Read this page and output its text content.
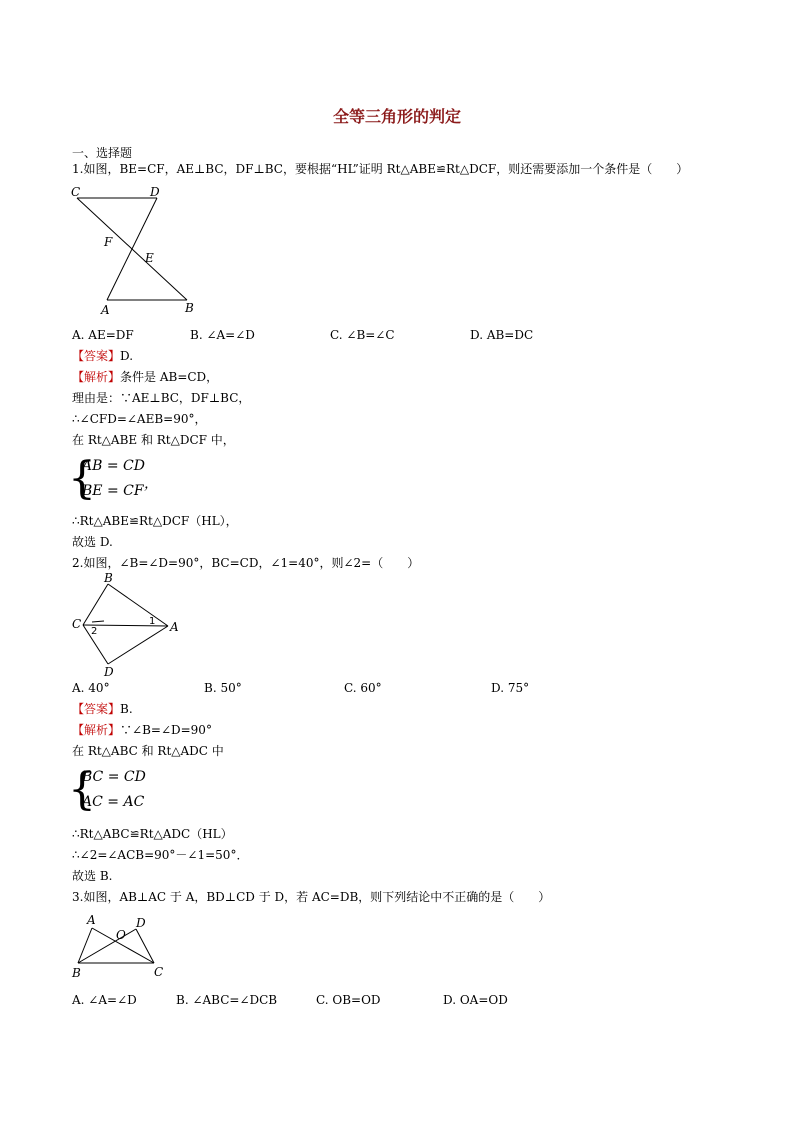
全等三角形的判定
一、选择题
1.如图，BE=CF，AE⊥BC，DF⊥BC，要根据“HL”证明 Rt△ABE≌Rt△DCF，则还需要添加一个条件是（　　）
C	D
F
E
A	B
A. AE=DF	B. ∠A=∠D	C. ∠B=∠C	D. AB=DC
【答案】D.
【解析】条件是 AB=CD，
理由是：∵AE⊥BC，DF⊥BC，
∴∠CFD=∠AEB=90°，
在 Rt△ABE 和 Rt△DCF 中，
{
AB = CD
BE = CF ，
∴Rt△ABE≌Rt△DCF（HL），
故选 D.
2.如图，∠B=∠D=90°，BC=CD，∠1=40°，则∠2=（　　）
B
C	A
D
1
2
A. 40°	B. 50°	C. 60°	D. 75°
【答案】B.
【解析】∵∠B=∠D=90°
在 Rt△ABC 和 Rt△ADC 中
{
BC = CD
AC = AC
∴Rt△ABC≌Rt△ADC（HL）
∴∠2=∠ACB=90°－∠1=50°．
故选 B.
3.如图，AB⊥AC 于 A，BD⊥CD 于 D，若 AC=DB，则下列结论中不正确的是（　　）
A	D
O
B	C
A. ∠A=∠D	B. ∠ABC=∠DCB	C. OB=OD	D. OA=OD
